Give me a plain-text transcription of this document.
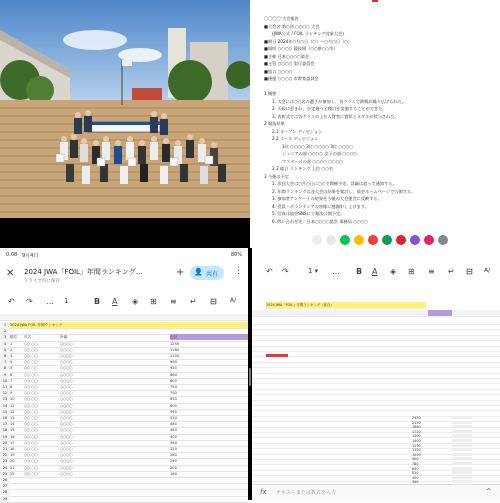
〇〇〇〇 大会報告
■大会名 第○回 ○○○○ 大会
(JWA公式 / FOIL ランキング対象大会)
■期日 2024年○月○日（○）〜○月○日（○）
■場所 ○○○○ 競技場（○○県○○市）
■主催 日本○○○○協会
■主管 ○○○○ 実行委員会
■協力 ○○○○
■後援 ○○○○ 市教育委員会
1 概要
1. 大会には○○名の選手が参加し、各クラスで熱戦が繰り広げられた。
2. 天候に恵まれ、予定通り全種目を実施することができた。
3. 表彰式では各クラスの上位入賞者に賞状とメダルが授与された。
2 競技結果
2.1 オープン ディビジョン
2.2 ユース ディビジョン
1位 ○○○○ 2位 ○○○○ 3位 ○○○○
ジュニアの部 ○○○○ 女子の部 ○○○○
マスターズの部 ○○○○ ○○○○
2.3 総合 ランキング 上位 ○○名
3 今後の予定
1. 次回大会は○月○日に○○で開催予定。詳細は追って通知する。
2. 年間ランキングは各大会の結果を集計し、協会ホームページで公開する。
3. 参加者アンケートの結果を今後の大会運営に反映する。
4. 役員・ボランティアの皆様に感謝申し上げます。
5. 写真は協会SNSにて順次公開予定。
6. 問い合わせ先：日本○○○○協会 事務局 ○○○○
0:08 9月4日	80%
✕ 2024 JWA「FOIL」年間ランキング...
ドライブ内に保存
+ 👤 共有 ⋮
↶ ↷ … 1	B A ◈ ⊞ ≡ ↵ ⊟ A/
1	2024 JWA FOIL 年間ランキング
2
3	順位	氏名	所属	合計
4	1	○○ ○○	○○○○	1250
5	2	○○ ○○	○○○○	1180
6	3	○○ ○○	○○○○	1100
7	4	○○ ○○	○○○○	980
8	5	○○ ○○	○○○○	920
9	6	○○ ○○	○○○○	860
10 7	○○ ○○	○○○○	800
11 8	○○ ○○	○○○○	750
12 9	○○ ○○	○○○○	700
13 10	○○ ○○	○○○○	650
14 11	○○ ○○	○○○○	600
15 12	○○ ○○	○○○○	560
16 13	○○ ○○	○○○○	520
17 14	○○ ○○	○○○○	480
18 15	○○ ○○	○○○○	440
19 16	○○ ○○	○○○○	400
20 17	○○ ○○	○○○○	360
21 18	○○ ○○	○○○○	320
22 19	○○ ○○	○○○○	280
23 20	○○ ○○	○○○○	240
24 21	○○ ○○	○○○○	200
25 22	○○ ○○	○○○○	160
26
27
28
29
↶ ↷	1 ▾ … B A ◈ ⊞ ≡ ↵ ⊟ A/
2024 JWA「FOIL」年間ランキング（総合）
2450
2150
1880
1720
1560
1400
1290
1150
1020
900
780
650
520
400
300
fx テキストまたは数式を入力	⌃
